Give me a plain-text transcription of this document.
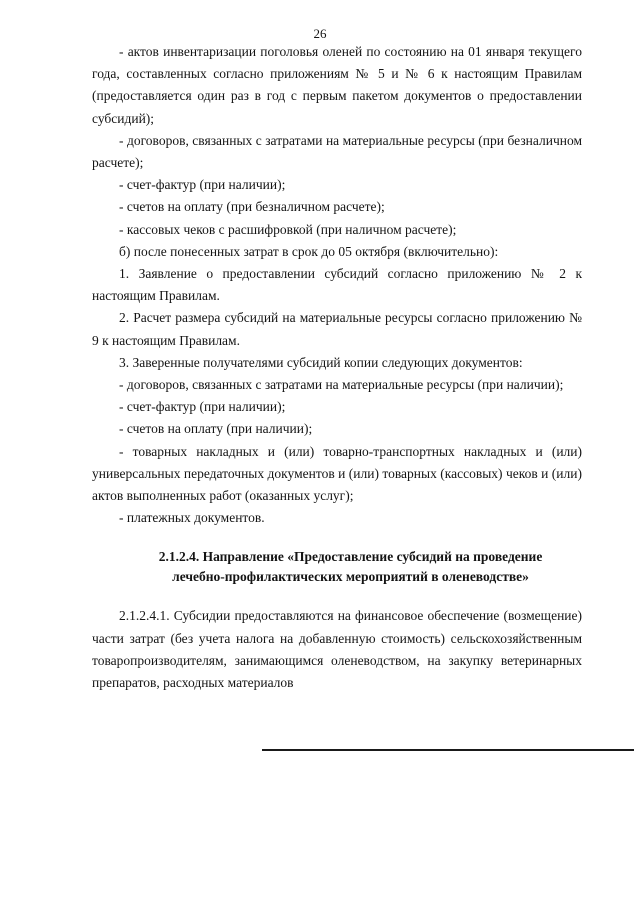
26

- актов инвентаризации поголовья оленей по состоянию на 01 января текущего года, составленных согласно приложениям № 5 и № 6 к настоящим Правилам (предоставляется один раз в год с первым пакетом документов о предоставлении субсидий);

- договоров, связанных с затратами на материальные ресурсы (при безналичном расчете);

- счет-фактур (при наличии);

- счетов на оплату (при безналичном расчете);

- кассовых чеков с расшифровкой (при наличном расчете);

б) после понесенных затрат в срок до 05 октября (включительно):

1. Заявление о предоставлении субсидий согласно приложению № 2 к настоящим Правилам.

2. Расчет размера субсидий на материальные ресурсы согласно приложению № 9 к настоящим Правилам.

3. Заверенные получателями субсидий копии следующих документов:

- договоров, связанных с затратами на материальные ресурсы (при наличии);

- счет-фактур (при наличии);

- счетов на оплату (при наличии);

- товарных накладных и (или) товарно-транспортных накладных и (или) универсальных передаточных документов и (или) товарных (кассовых) чеков и (или) актов выполненных работ (оказанных услуг);

- платежных документов.

2.1.2.4. Направление «Предоставление субсидий на проведение
лечебно-профилактических мероприятий в оленеводстве»

2.1.2.4.1. Субсидии предоставляются на финансовое обеспечение (возмещение) части затрат (без учета налога на добавленную стоимость) сельскохозяйственным товаропроизводителям, занимающимся оленеводством, на закупку ветеринарных препаратов, расходных материалов
